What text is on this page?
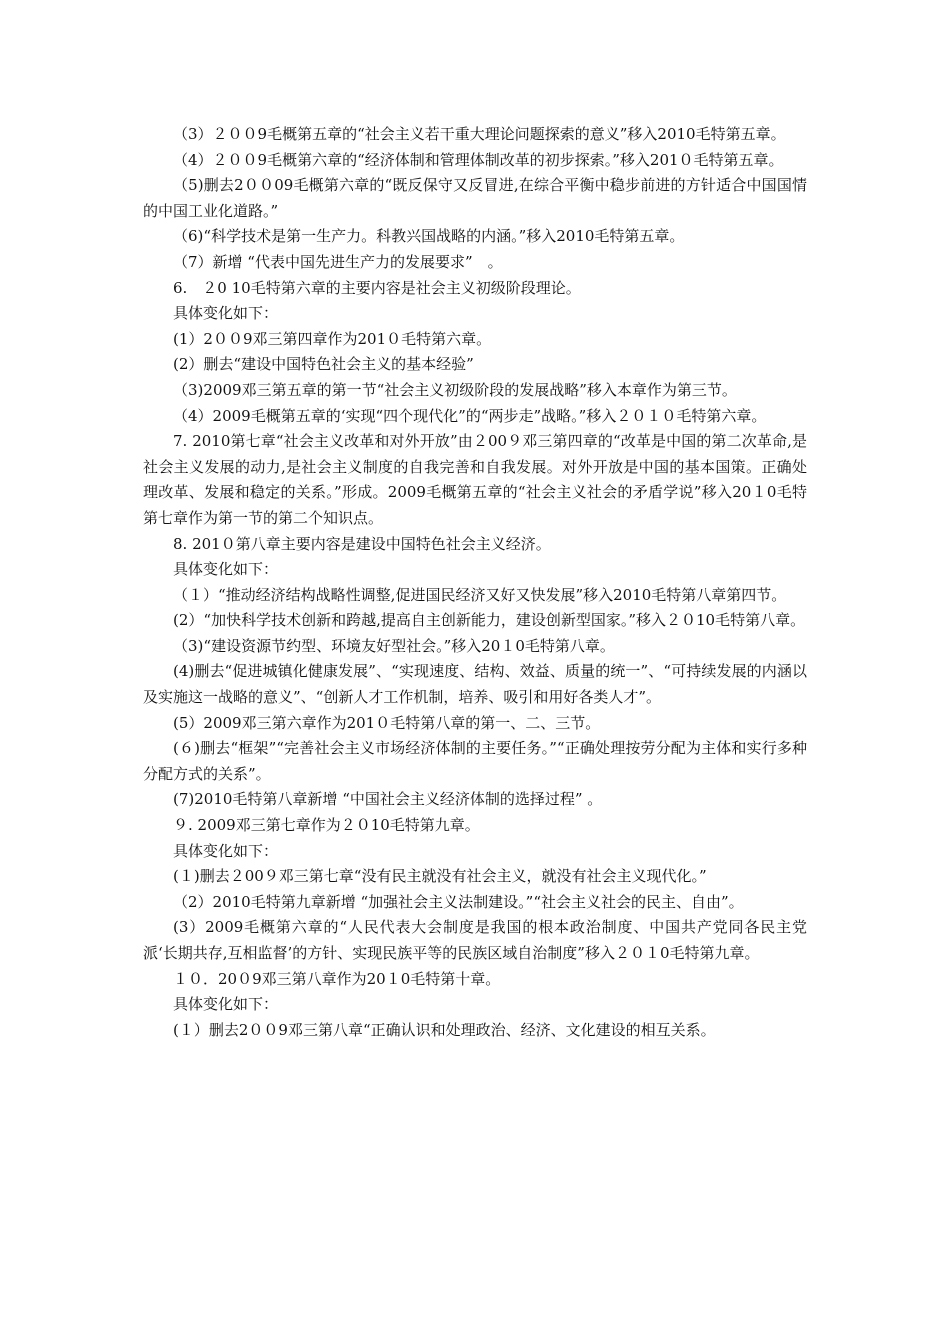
（3）２００9毛概第五章的“社会主义若干重大理论问题探索的意义”移入2010毛特第五章。

（4）２００9毛概第六章的“经济体制和管理体制改革的初步探索。”移入201０毛特第五章。

（5)删去2００09毛概第六章的“既反保守又反冒进,在综合平衡中稳步前进的方针适合中国国情的中国工业化道路。”

（6)“科学技术是第一生产力。科教兴国战略的内涵。”移入2010毛特第五章。

（7）新增 “代表中国先进生产力的发展要求”　。

6.　２0 10毛特第六章的主要内容是社会主义初级阶段理论。

具体变化如下：

(1）2００9邓三第四章作为201０毛特第六章。

(2）删去“建设中国特色社会主义的基本经验”

（3)2009邓三第五章的第一节“社会主义初级阶段的发展战略”移入本章作为第三节。

（4）2009毛概第五章的‘实现“四个现代化”的“两步走”战略。”移入２０１０毛特第六章。

7. 2010第七章“社会主义改革和对外开放”由２00９邓三第四章的“改革是中国的第二次革命,是社会主义发展的动力,是社会主义制度的自我完善和自我发展。对外开放是中国的基本国策。正确处理改革、发展和稳定的关系。”形成。2009毛概第五章的“社会主义社会的矛盾学说”移入20１0毛特第七章作为第一节的第二个知识点。

8. 201０第八章主要内容是建设中国特色社会主义经济。

具体变化如下：

（１）“推动经济结构战略性调整,促进国民经济又好又快发展”移入2010毛特第八章第四节。

(2）“加快科学技术创新和跨越,提高自主创新能力，建设创新型国家。”移入２０10毛特第八章。

（3)“建设资源节约型、环境友好型社会。”移入20１0毛特第八章。

(4)删去“促进城镇化健康发展”、“实现速度、结构、效益、质量的统一”、“可持续发展的内涵以及实施这一战略的意义”、“创新人才工作机制，培养、吸引和用好各类人才”。

(5）2009邓三第六章作为201０毛特第八章的第一、二、三节。

(６)删去“框架”“完善社会主义市场经济体制的主要任务。”“正确处理按劳分配为主体和实行多种分配方式的关系”。

(7)2010毛特第八章新增 “中国社会主义经济体制的选择过程” 。

９. 2009邓三第七章作为２０10毛特第九章。

具体变化如下：

(１)删去２00９邓三第七章“没有民主就没有社会主义，就没有社会主义现代化。”

（2）2010毛特第九章新增 “加强社会主义法制建设。”“社会主义社会的民主、自由”。

(3）2009毛概第六章的“人民代表大会制度是我国的根本政治制度、中国共产党同各民主党派‘长期共存,互相监督’的方针、实现民族平等的民族区域自治制度”移入２０１0毛特第九章。

１０．20０9邓三第八章作为20１0毛特第十章。

具体变化如下：

(１）删去2００9邓三第八章“正确认识和处理政治、经济、文化建设的相互关系。
